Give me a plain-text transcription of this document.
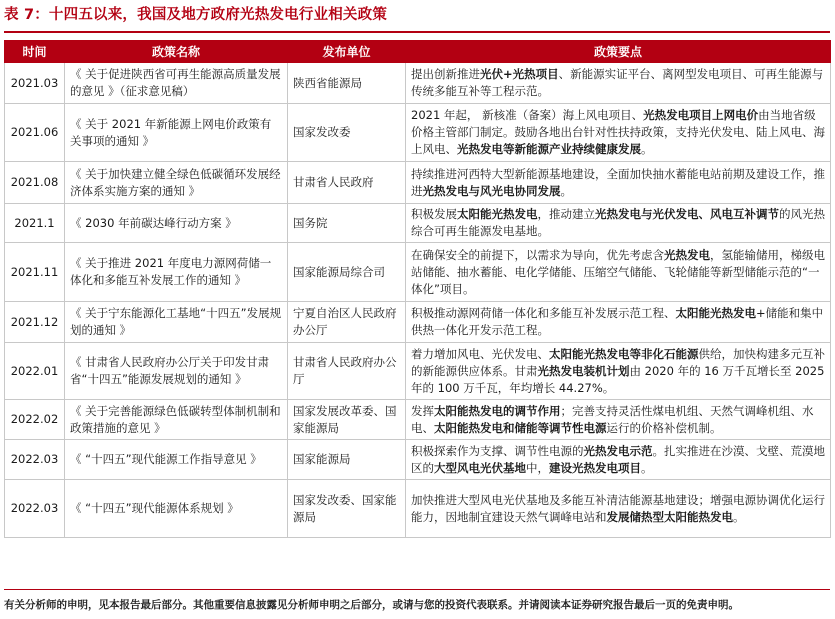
表 7：十四五以来，我国及地方政府光热发电行业相关政策
时间	政策名称	发布单位	政策要点
2021.03	《 关于促进陕西省可再生能源高质量发展的意见 》（征求意见稿）	陕西省能源局	提出创新推进光伏+光热项目、新能源实证平台、离网型发电项目、可再生能源与传统多能互补等工程示范。
2021.06	《 关于 2021 年新能源上网电价政策有关事项的通知 》	国家发改委	2021 年起， 新核准（备案）海上风电项目、光热发电项目上网电价由当地省级价格主管部门制定。鼓励各地出台针对性扶持政策，支持光伏发电、陆上风电、海上风电、光热发电等新能源产业持续健康发展。
2021.08	《 关于加快建立健全绿色低碳循环发展经济体系实施方案的通知 》	甘肃省人民政府	持续推进河西特大型新能源基地建设，全面加快抽水蓄能电站前期及建设工作，推进光热发电与风光电协同发展。
2021.1	《 2030 年前碳达峰行动方案 》	国务院	积极发展太阳能光热发电，推动建立光热发电与光伏发电、风电互补调节的风光热综合可再生能源发电基地。
2021.11	《 关于推进 2021 年度电力源网荷储一体化和多能互补发展工作的通知 》	国家能源局综合司	在确保安全的前提下，以需求为导向，优先考虑含光热发电，氢能输储用，梯级电站储能、抽水蓄能、电化学储能、压缩空气储能、飞轮储能等新型储能示范的“一体化”项目。
2021.12	《 关于宁东能源化工基地“十四五”发展规划的通知 》	宁夏自治区人民政府办公厅	积极推动源网荷储一体化和多能互补发展示范工程、太阳能光热发电+储能和集中供热一体化开发示范工程。
2022.01	《 甘肃省人民政府办公厅关于印发甘肃省“十四五”能源发展规划的通知 》	甘肃省人民政府办公厅	着力增加风电、光伏发电、太阳能光热发电等非化石能源供给，加快构建多元互补的新能源供应体系。甘肃光热发电装机计划由 2020 年的 16 万千瓦增长至 2025 年的 100 万千瓦，年均增长 44.27%。
2022.02	《 关于完善能源绿色低碳转型体制机制和政策措施的意见 》	国家发展改革委、国家能源局	发挥太阳能热发电的调节作用；完善支持灵活性煤电机组、天然气调峰机组、水电、太阳能热发电和储能等调节性电源运行的价格补偿机制。
2022.03	《 “十四五”现代能源工作指导意见 》	国家能源局	积极探索作为支撑、调节性电源的光热发电示范。扎实推进在沙漠、戈壁、荒漠地区的大型风电光伏基地中，建设光热发电项目。
2022.03	《 “十四五”现代能源体系规划 》	国家发改委、国家能源局	加快推进大型风电光伏基地及多能互补清洁能源基地建设；增强电源协调优化运行能力，因地制宜建设天然气调峰电站和发展储热型太阳能热发电。
有关分析师的申明，见本报告最后部分。其他重要信息披露见分析师申明之后部分，或请与您的投资代表联系。并请阅读本证券研究报告最后一页的免责申明。
